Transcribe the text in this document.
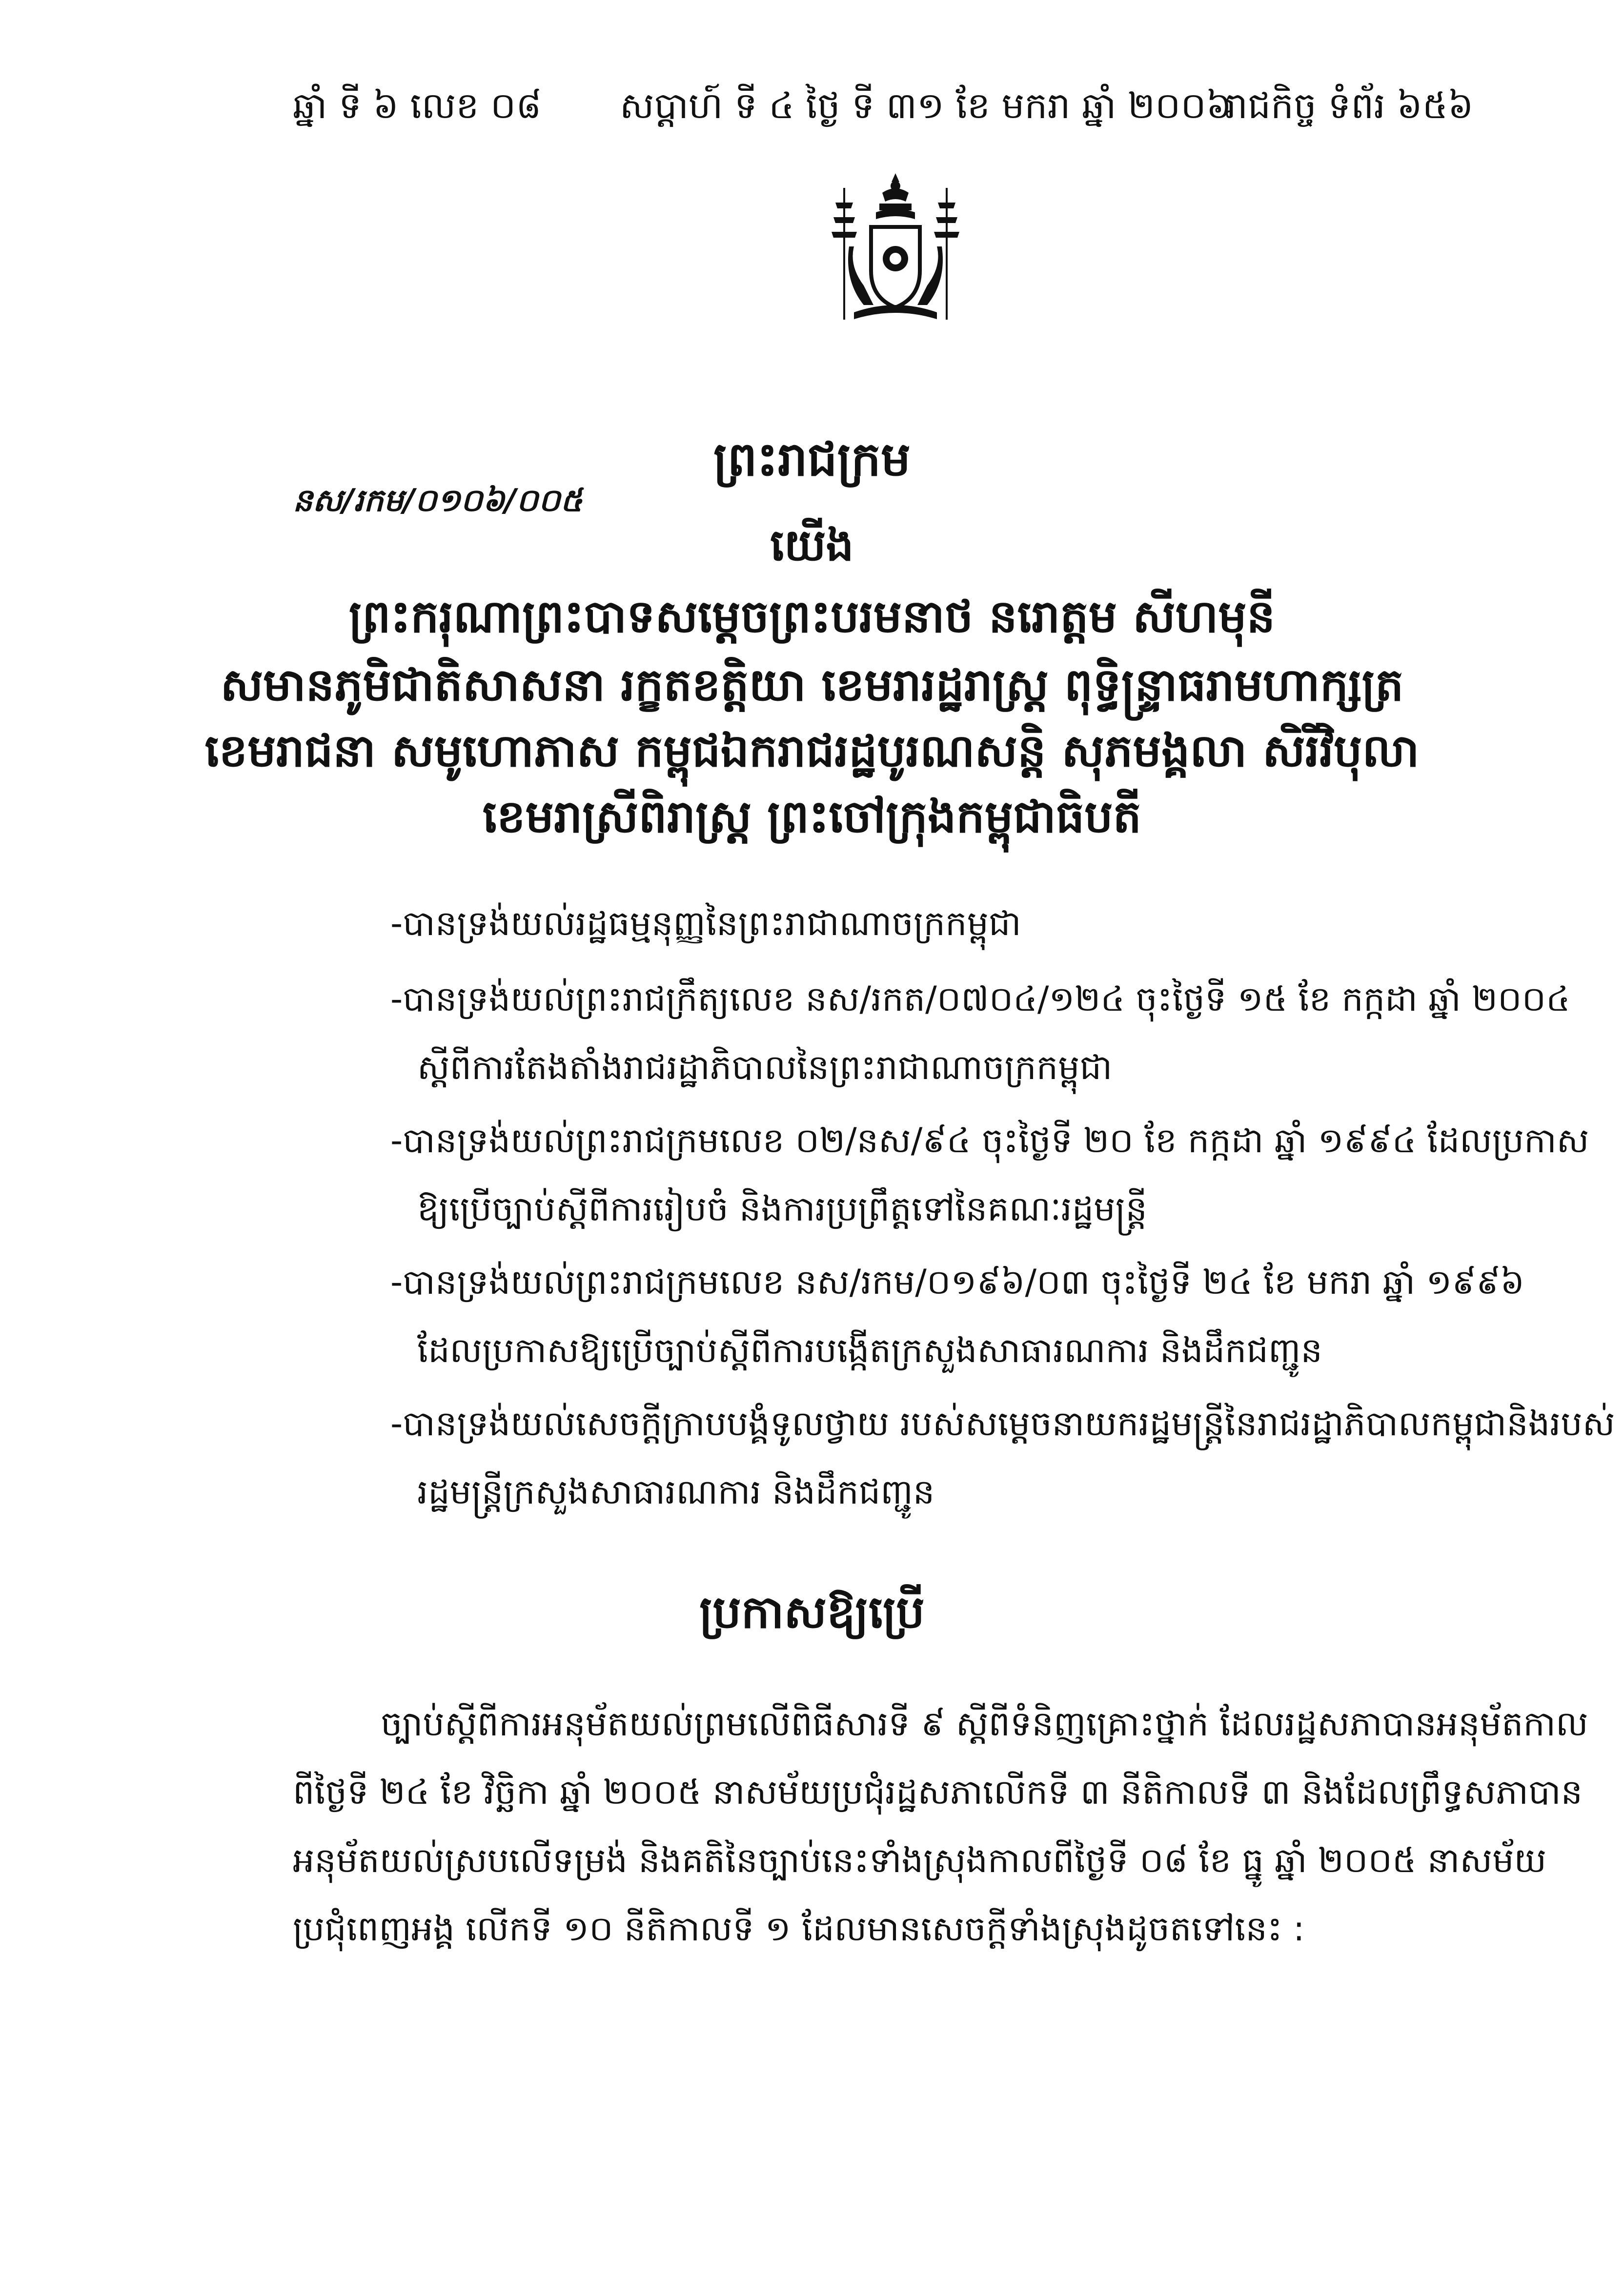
ឆ្នាំ ទី ៦ លេខ ០៨ សប្តាហ៍ ទី ៤ ថ្ងៃ ទី ៣១ ខែ មករា ឆ្នាំ ២០០៦
រាជកិច្ច ទំព័រ ៦៥៦
ព្រះរាជក្រម
នស/រកម/០១០៦/០០៥
យើង
ព្រះករុណាព្រះបាទសម្តេចព្រះបរមនាថ នរោត្តម សីហមុនី
សមានភូមិជាតិសាសនា រក្ខតខត្តិយា ខេមរារដ្ឋរាស្ត្រ ពុទ្ធិន្ទ្រាធរាមហាក្សត្រ
ខេមរាជនា សមូហោភាស កម្ពុជឯករាជរដ្ឋបូរណសន្តិ សុភមង្គលា សិរីវិបុលា
ខេមរាស្រីពិរាស្ត្រ ព្រះចៅក្រុងកម្ពុជាធិបតី
-បានទ្រង់យល់រដ្ឋធម្មនុញ្ញនៃព្រះរាជាណាចក្រកម្ពុជា
-បានទ្រង់យល់ព្រះរាជក្រឹត្យលេខ នស/រកត/០៧០៤/១២៤ ចុះថ្ងៃទី ១៥ ខែ កក្កដា ឆ្នាំ ២០០៤
ស្តីពីការតែងតាំងរាជរដ្ឋាភិបាលនៃព្រះរាជាណាចក្រកម្ពុជា
-បានទ្រង់យល់ព្រះរាជក្រមលេខ ០២/នស/៩៤ ចុះថ្ងៃទី ២០ ខែ កក្កដា ឆ្នាំ ១៩៩៤ ដែលប្រកាស
ឱ្យប្រើច្បាប់ស្តីពីការរៀបចំ និងការប្រព្រឹត្តទៅនៃគណៈរដ្ឋមន្ត្រី
-បានទ្រង់យល់ព្រះរាជក្រមលេខ នស/រកម/០១៩៦/០៣ ចុះថ្ងៃទី ២៤ ខែ មករា ឆ្នាំ ១៩៩៦
ដែលប្រកាសឱ្យប្រើច្បាប់ស្តីពីការបង្កើតក្រសួងសាធារណការ និងដឹកជញ្ជូន
-បានទ្រង់យល់សេចក្តីក្រាបបង្គំទូលថ្វាយ របស់សម្តេចនាយករដ្ឋមន្ត្រីនៃរាជរដ្ឋាភិបាលកម្ពុជានិងរបស់
រដ្ឋមន្ត្រីក្រសួងសាធារណការ និងដឹកជញ្ជូន
ប្រកាសឱ្យប្រើ
ច្បាប់ស្តីពីការអនុម័តយល់ព្រមលើពិធីសារទី ៩ ស្តីពីទំនិញគ្រោះថ្នាក់ ដែលរដ្ឋសភាបានអនុម័តកាល
ពីថ្ងៃទី ២៤ ខែ វិច្ឆិកា ឆ្នាំ ២០០៥ នាសម័យប្រជុំរដ្ឋសភាលើកទី ៣ នីតិកាលទី ៣ និងដែលព្រឹទ្ធសភាបាន
អនុម័តយល់ស្របលើទម្រង់ និងគតិនៃច្បាប់នេះទាំងស្រុងកាលពីថ្ងៃទី ០៨ ខែ ធ្នូ ឆ្នាំ ២០០៥ នាសម័យ
ប្រជុំពេញអង្គ លើកទី ១០ នីតិកាលទី ១ ដែលមានសេចក្តីទាំងស្រុងដូចតទៅនេះ :
